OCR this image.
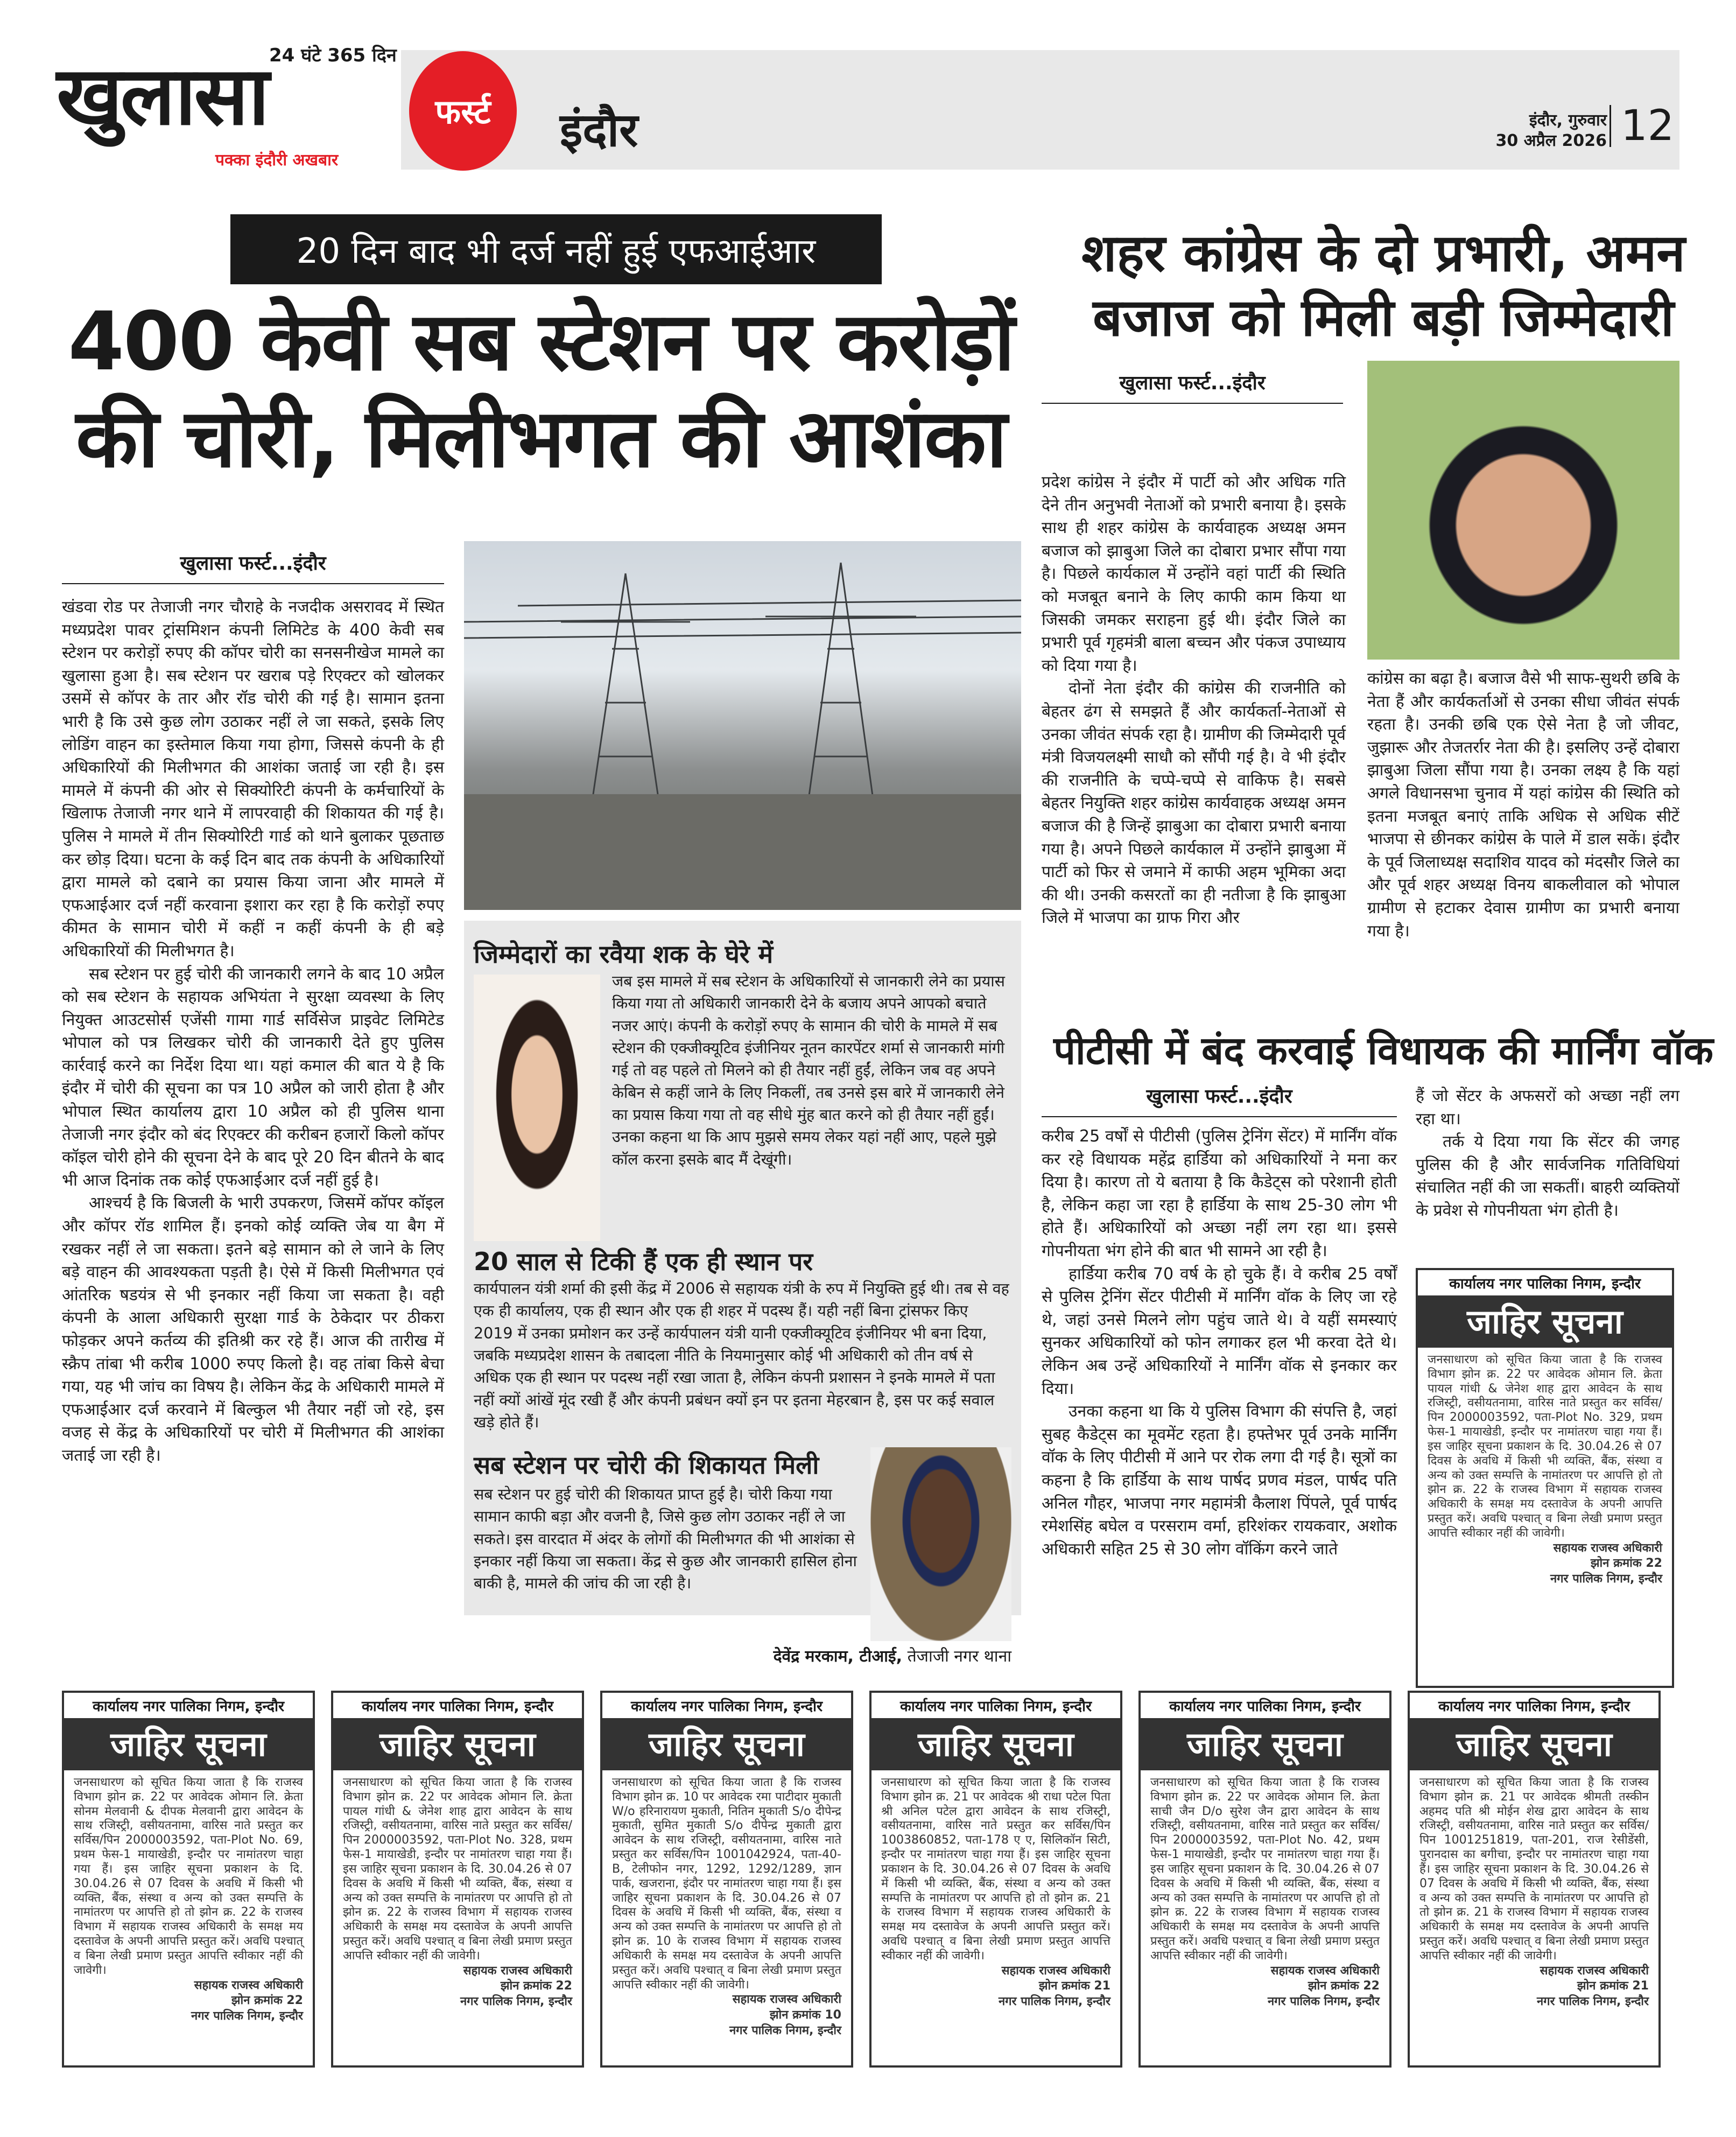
24 घंटे 365 दिन
खुलासा
पक्का इंदौरी अखबार
फर्स्ट इंदौर	इंदौर, गुरुवार
30 अप्रैल 2026 12
20 दिन बाद भी दर्ज नहीं हुई एफआईआर
400 केवी सब स्टेशन पर करोड़ों की चोरी, मिलीभगत की आशंका
खुलासा फर्स्ट...इंदौर

खंडवा रोड पर तेजाजी नगर चौराहे के नजदीक असरावद में स्थित मध्यप्रदेश पावर ट्रांसमिशन कंपनी लिमिटेड के 400 केवी सब स्टेशन पर करोड़ों रुपए की कॉपर चोरी का सनसनीखेज मामले का खुलासा हुआ है। सब स्टेशन पर खराब पड़े रिएक्टर को खोलकर उसमें से कॉपर के तार और रॉड चोरी की गई है। सामान इतना भारी है कि उसे कुछ लोग उठाकर नहीं ले जा सकते, इसके लिए लोडिंग वाहन का इस्तेमाल किया गया होगा, जिससे कंपनी के ही अधिकारियों की मिलीभगत की आशंका जताई जा रही है। इस मामले में कंपनी की ओर से सिक्योरिटी कंपनी के कर्मचारियों के खिलाफ तेजाजी नगर थाने में लापरवाही की शिकायत की गई है। पुलिस ने मामले में तीन सिक्योरिटी गार्ड को थाने बुलाकर पूछताछ कर छोड़ दिया। घटना के कई दिन बाद तक कंपनी के अधिकारियों द्वारा मामले को दबाने का प्रयास किया जाना और मामले में एफआईआर दर्ज नहीं करवाना इशारा कर रहा है कि करोड़ों रुपए कीमत के सामान चोरी में कहीं न कहीं कंपनी के ही बड़े अधिकारियों की मिलीभगत है।

सब स्टेशन पर हुई चोरी की जानकारी लगने के बाद 10 अप्रैल को सब स्टेशन के सहायक अभियंता ने सुरक्षा व्यवस्था के लिए नियुक्त आउटसोर्स एजेंसी गामा गार्ड सर्विसेज प्राइवेट लिमिटेड भोपाल को पत्र लिखकर चोरी की जानकारी देते हुए पुलिस कार्रवाई करने का निर्देश दिया था। यहां कमाल की बात ये है कि इंदौर में चोरी की सूचना का पत्र 10 अप्रैल को जारी होता है और भोपाल स्थित कार्यालय द्वारा 10 अप्रैल को ही पुलिस थाना तेजाजी नगर इंदौर को बंद रिएक्टर की करीबन हजारों किलो कॉपर कॉइल चोरी होने की सूचना देने के बाद पूरे 20 दिन बीतने के बाद भी आज दिनांक तक कोई एफआईआर दर्ज नहीं हुई है।

आश्चर्य है कि बिजली के भारी उपकरण, जिसमें कॉपर कॉइल और कॉपर रॉड शामिल हैं। इनको कोई व्यक्ति जेब या बैग में रखकर नहीं ले जा सकता। इतने बड़े सामान को ले जाने के लिए बड़े वाहन की आवश्यकता पड़ती है। ऐसे में किसी मिलीभगत एवं आंतरिक षडयंत्र से भी इनकार नहीं किया जा सकता है। वही कंपनी के आला अधिकारी सुरक्षा गार्ड के ठेकेदार पर ठीकरा फोड़कर अपने कर्तव्य की इतिश्री कर रहे हैं। आज की तारीख में स्क्रैप तांबा भी करीब 1000 रुपए किलो है। वह तांबा किसे बेचा गया, यह भी जांच का विषय है। लेकिन केंद्र के अधिकारी मामले में एफआईआर दर्ज करवाने में बिल्कुल भी तैयार नहीं जो रहे, इस वजह से केंद्र के अधिकारियों पर चोरी में मिलीभगत की आशंका जताई जा रही है।

जिम्मेदारों का रवैया शक के घेरे में
जब इस मामले में सब स्टेशन के अधिकारियों से जानकारी लेने का प्रयास किया गया तो अधिकारी जानकारी देने के बजाय अपने आपको बचाते नजर आएं। कंपनी के करोड़ों रुपए के सामान की चोरी के मामले में सब स्टेशन की एक्जीक्यूटिव इंजीनियर नूतन कारपेंटर शर्मा से जानकारी मांगी गई तो वह पहले तो मिलने को ही तैयार नहीं हुईं, लेकिन जब वह अपने केबिन से कहीं जाने के लिए निकलीं, तब उनसे इस बारे में जानकारी लेने का प्रयास किया गया तो वह सीधे मुंह बात करने को ही तैयार नहीं हुईं। उनका कहना था कि आप मुझसे समय लेकर यहां नहीं आए, पहले मुझे कॉल करना इसके बाद मैं देखूंगी।
20 साल से टिकी हैं एक ही स्थान पर
कार्यपालन यंत्री शर्मा की इसी केंद्र में 2006 से सहायक यंत्री के रुप में नियुक्ति हुई थी। तब से वह एक ही कार्यालय, एक ही स्थान और एक ही शहर में पदस्थ हैं। यही नहीं बिना ट्रांसफर किए 2019 में उनका प्रमोशन कर उन्हें कार्यपालन यंत्री यानी एक्जीक्यूटिव इंजीनियर भी बना दिया, जबकि मध्यप्रदेश शासन के तबादला नीति के नियमानुसार कोई भी अधिकारी को तीन वर्ष से अधिक एक ही स्थान पर पदस्थ नहीं रखा जाता है, लेकिन कंपनी प्रशासन ने इनके मामले में पता नहीं क्यों आंखें मूंद रखी हैं और कंपनी प्रबंधन क्यों इन पर इतना मेहरबान है, इस पर कई सवाल खड़े होते हैं।
सब स्टेशन पर चोरी की शिकायत मिली
सब स्टेशन पर हुई चोरी की शिकायत प्राप्त हुई है। चोरी किया गया सामान काफी बड़ा और वजनी है, जिसे कुछ लोग उठाकर नहीं ले जा सकते। इस वारदात में अंदर के लोगों की मिलीभगत की भी आशंका से इनकार नहीं किया जा सकता। केंद्र से कुछ और जानकारी हासिल होना बाकी है, मामले की जांच की जा रही है।
देवेंद्र मरकाम, टीआई, तेजाजी नगर थाना
शहर कांग्रेस के दो प्रभारी, अमन बजाज को मिली बड़ी जिम्मेदारी
खुलासा फर्स्ट...इंदौर

प्रदेश कांग्रेस ने इंदौर में पार्टी को और अधिक गति देने तीन अनुभवी नेताओं को प्रभारी बनाया है। इसके साथ ही शहर कांग्रेस के कार्यवाहक अध्यक्ष अमन बजाज को झाबुआ जिले का दोबारा प्रभार सौंपा गया है। पिछले कार्यकाल में उन्होंने वहां पार्टी की स्थिति को मजबूत बनाने के लिए काफी काम किया था जिसकी जमकर सराहना हुई थी। इंदौर जिले का प्रभारी पूर्व गृहमंत्री बाला बच्चन और पंकज उपाध्याय को दिया गया है।

दोनों नेता इंदौर की कांग्रेस की राजनीति को बेहतर ढंग से समझते हैं और कार्यकर्ता-नेताओं से उनका जीवंत संपर्क रहा है। ग्रामीण की जिम्मेदारी पूर्व मंत्री विजयलक्ष्मी साधौ को सौंपी गई है। वे भी इंदौर की राजनीति के चप्पे-चप्पे से वाकिफ है। सबसे बेहतर नियुक्ति शहर कांग्रेस कार्यवाहक अध्यक्ष अमन बजाज की है जिन्हें झाबुआ का दोबारा प्रभारी बनाया गया है। अपने पिछले कार्यकाल में उन्होंने झाबुआ में पार्टी को फिर से जमाने में काफी अहम भूमिका अदा की थी। उनकी कसरतों का ही नतीजा है कि झाबुआ जिले में भाजपा का ग्राफ गिरा और

कांग्रेस का बढ़ा है। बजाज वैसे भी साफ-सुथरी छबि के नेता हैं और कार्यकर्ताओं से उनका सीधा जीवंत संपर्क रहता है। उनकी छबि एक ऐसे नेता है जो जीवट, जुझारू और तेजतर्रार नेता की है। इसलिए उन्हें दोबारा झाबुआ जिला सौंपा गया है। उनका लक्ष्य है कि यहां अगले विधानसभा चुनाव में यहां कांग्रेस की स्थिति को इतना मजबूत बनाएं ताकि अधिक से अधिक सीटें भाजपा से छीनकर कांग्रेस के पाले में डाल सकें। इंदौर के पूर्व जिलाध्यक्ष सदाशिव यादव को मंदसौर जिले का और पूर्व शहर अध्यक्ष विनय बाकलीवाल को भोपाल ग्रामीण से हटाकर देवास ग्रामीण का प्रभारी बनाया गया है।

पीटीसी में बंद करवाई विधायक की मार्निंग वॉक
खुलासा फर्स्ट...इंदौर

करीब 25 वर्षों से पीटीसी (पुलिस ट्रेनिंग सेंटर) में मार्निंग वॉक कर रहे विधायक महेंद्र हार्डिया को अधिकारियों ने मना कर दिया है। कारण तो ये बताया है कि कैडेट्स को परेशानी होती है, लेकिन कहा जा रहा है हार्डिया के साथ 25-30 लोग भी होते हैं। अधिकारियों को अच्छा नहीं लग रहा था। इससे गोपनीयता भंग होने की बात भी सामने आ रही है।

हार्डिया करीब 70 वर्ष के हो चुके हैं। वे करीब 25 वर्षों से पुलिस ट्रेनिंग सेंटर पीटीसी में मार्निंग वॉक के लिए जा रहे थे, जहां उनसे मिलने लोग पहुंच जाते थे। वे यहीं समस्याएं सुनकर अधिकारियों को फोन लगाकर हल भी करवा देते थे। लेकिन अब उन्हें अधिकारियों ने मार्निंग वॉक से इनकार कर दिया।

उनका कहना था कि ये पुलिस विभाग की संपत्ति है, जहां सुबह कैडेट्स का मूवमेंट रहता है। हफ्तेभर पूर्व उनके मार्निंग वॉक के लिए पीटीसी में आने पर रोक लगा दी गई है। सूत्रों का कहना है कि हार्डिया के साथ पार्षद प्रणव मंडल, पार्षद पति अनिल गौहर, भाजपा नगर महामंत्री कैलाश पिंपले, पूर्व पार्षद रमेशसिंह बघेल व परसराम वर्मा, हरिशंकर रायकवार, अशोक अधिकारी सहित 25 से 30 लोग वॉकिंग करने जाते

हैं जो सेंटर के अफसरों को अच्छा नहीं लग रहा था।

तर्क ये दिया गया कि सेंटर की जगह पुलिस की है और सार्वजनिक गतिविधियां संचालित नहीं की जा सकतीं। बाहरी व्यक्तियों के प्रवेश से गोपनीयता भंग होती है।

कार्यालय नगर पालिका निगम, इन्दौर
जाहिर सूचना
जनसाधारण को सूचित किया जाता है कि राजस्व विभाग झोन क्र. 22 पर आवेदक ओमान लि. क्रेता पायल गांधी & जेनेश शाह द्वारा आवेदन के साथ रजिस्ट्री, वसीयतनामा, वारिस नाते प्रस्तुत कर सर्विस/पिन 2000003592, पता-Plot No. 329, प्रथम फेस-1 मायाखेडी, इन्दौर पर नामांतरण चाहा गया हैं। इस जाहिर सूचना प्रकाशन के दि. 30.04.26 से 07 दिवस के अवधि में किसी भी व्यक्ति, बैंक, संस्था व अन्य को उक्त सम्पत्ति के नामांतरण पर आपत्ति हो तो झोन क्र. 22 के राजस्व विभाग में सहायक राजस्व अधिकारी के समक्ष मय दस्तावेज के अपनी आपत्ति प्रस्तुत करें। अवधि पश्चात् व बिना लेखी प्रमाण प्रस्तुत आपत्ति स्वीकार नहीं की जावेगी।
सहायक राजस्व अधिकारी
झोन क्रमांक 22
नगर पालिक निगम, इन्दौर
कार्यालय नगर पालिका निगम, इन्दौर
जाहिर सूचना
जनसाधारण को सूचित किया जाता है कि राजस्व विभाग झोन क्र. 22 पर आवेदक ओमान लि. क्रेता सोनम मेलवानी & दीपक मेलवानी द्वारा आवेदन के साथ रजिस्ट्री, वसीयतनामा, वारिस नाते प्रस्तुत कर सर्विस/पिन 2000003592, पता-Plot No. 69, प्रथम फेस-1 मायाखेडी, इन्दौर पर नामांतरण चाहा गया हैं। इस जाहिर सूचना प्रकाशन के दि. 30.04.26 से 07 दिवस के अवधि में किसी भी व्यक्ति, बैंक, संस्था व अन्य को उक्त सम्पत्ति के नामांतरण पर आपत्ति हो तो झोन क्र. 22 के राजस्व विभाग में सहायक राजस्व अधिकारी के समक्ष मय दस्तावेज के अपनी आपत्ति प्रस्तुत करें। अवधि पश्चात् व बिना लेखी प्रमाण प्रस्तुत आपत्ति स्वीकार नहीं की जावेगी।
सहायक राजस्व अधिकारी
झोन क्रमांक 22
नगर पालिक निगम, इन्दौर
कार्यालय नगर पालिका निगम, इन्दौर
जाहिर सूचना
जनसाधारण को सूचित किया जाता है कि राजस्व विभाग झोन क्र. 22 पर आवेदक ओमान लि. क्रेता पायल गांधी & जेनेश शाह द्वारा आवेदन के साथ रजिस्ट्री, वसीयतनामा, वारिस नाते प्रस्तुत कर सर्विस/पिन 2000003592, पता-Plot No. 328, प्रथम फेस-1 मायाखेडी, इन्दौर पर नामांतरण चाहा गया हैं। इस जाहिर सूचना प्रकाशन के दि. 30.04.26 से 07 दिवस के अवधि में किसी भी व्यक्ति, बैंक, संस्था व अन्य को उक्त सम्पत्ति के नामांतरण पर आपत्ति हो तो झोन क्र. 22 के राजस्व विभाग में सहायक राजस्व अधिकारी के समक्ष मय दस्तावेज के अपनी आपत्ति प्रस्तुत करें। अवधि पश्चात् व बिना लेखी प्रमाण प्रस्तुत आपत्ति स्वीकार नहीं की जावेगी।
सहायक राजस्व अधिकारी
झोन क्रमांक 22
नगर पालिक निगम, इन्दौर
कार्यालय नगर पालिका निगम, इन्दौर
जाहिर सूचना
जनसाधारण को सूचित किया जाता है कि राजस्व विभाग झोन क्र. 10 पर आवेदक रमा पाटीदार मुकाती W/o हरिनारायण मुकाती, नितिन मुकाती S/o दीपेन्द्र मुकाती, सुमित मुकाती S/o दीपेन्द्र मुकाती द्वारा आवेदन के साथ रजिस्ट्री, वसीयतनामा, वारिस नाते प्रस्तुत कर सर्विस/पिन 1001042924, पता-40-B, टेलीफोन नगर, 1292, 1292/1289, ज्ञान पार्क, खजराना, इंदौर पर नामांतरण चाहा गया हैं। इस जाहिर सूचना प्रकाशन के दि. 30.04.26 से 07 दिवस के अवधि में किसी भी व्यक्ति, बैंक, संस्था व अन्य को उक्त सम्पत्ति के नामांतरण पर आपत्ति हो तो झोन क्र. 10 के राजस्व विभाग में सहायक राजस्व अधिकारी के समक्ष मय दस्तावेज के अपनी आपत्ति प्रस्तुत करें। अवधि पश्चात् व बिना लेखी प्रमाण प्रस्तुत आपत्ति स्वीकार नहीं की जावेगी।
सहायक राजस्व अधिकारी
झोन क्रमांक 10
नगर पालिक निगम, इन्दौर
कार्यालय नगर पालिका निगम, इन्दौर
जाहिर सूचना
जनसाधारण को सूचित किया जाता है कि राजस्व विभाग झोन क्र. 21 पर आवेदक श्री राधा पटेल पिता श्री अनिल पटेल द्वारा आवेदन के साथ रजिस्ट्री, वसीयतनामा, वारिस नाते प्रस्तुत कर सर्विस/पिन 1003860852, पता-178 ए ए, सिलिकॉन सिटी, इन्दौर पर नामांतरण चाहा गया हैं। इस जाहिर सूचना प्रकाशन के दि. 30.04.26 से 07 दिवस के अवधि में किसी भी व्यक्ति, बैंक, संस्था व अन्य को उक्त सम्पत्ति के नामांतरण पर आपत्ति हो तो झोन क्र. 21 के राजस्व विभाग में सहायक राजस्व अधिकारी के समक्ष मय दस्तावेज के अपनी आपत्ति प्रस्तुत करें। अवधि पश्चात् व बिना लेखी प्रमाण प्रस्तुत आपत्ति स्वीकार नहीं की जावेगी।
सहायक राजस्व अधिकारी
झोन क्रमांक 21
नगर पालिक निगम, इन्दौर
कार्यालय नगर पालिका निगम, इन्दौर
जाहिर सूचना
जनसाधारण को सूचित किया जाता है कि राजस्व विभाग झोन क्र. 22 पर आवेदक ओमान लि. क्रेता साची जैन D/o सुरेश जैन द्वारा आवेदन के साथ रजिस्ट्री, वसीयतनामा, वारिस नाते प्रस्तुत कर सर्विस/पिन 2000003592, पता-Plot No. 42, प्रथम फेस-1 मायाखेडी, इन्दौर पर नामांतरण चाहा गया हैं। इस जाहिर सूचना प्रकाशन के दि. 30.04.26 से 07 दिवस के अवधि में किसी भी व्यक्ति, बैंक, संस्था व अन्य को उक्त सम्पत्ति के नामांतरण पर आपत्ति हो तो झोन क्र. 22 के राजस्व विभाग में सहायक राजस्व अधिकारी के समक्ष मय दस्तावेज के अपनी आपत्ति प्रस्तुत करें। अवधि पश्चात् व बिना लेखी प्रमाण प्रस्तुत आपत्ति स्वीकार नहीं की जावेगी।
सहायक राजस्व अधिकारी
झोन क्रमांक 22
नगर पालिक निगम, इन्दौर
कार्यालय नगर पालिका निगम, इन्दौर
जाहिर सूचना
जनसाधारण को सूचित किया जाता है कि राजस्व विभाग झोन क्र. 21 पर आवेदक श्रीमती तस्कीन अहमद पति श्री मोईन शेख द्वारा आवेदन के साथ रजिस्ट्री, वसीयतनामा, वारिस नाते प्रस्तुत कर सर्विस/पिन 1001251819, पता-201, राज रेसीडेंसी, पुरानदास का बगीचा, इन्दौर पर नामांतरण चाहा गया हैं। इस जाहिर सूचना प्रकाशन के दि. 30.04.26 से 07 दिवस के अवधि में किसी भी व्यक्ति, बैंक, संस्था व अन्य को उक्त सम्पत्ति के नामांतरण पर आपत्ति हो तो झोन क्र. 21 के राजस्व विभाग में सहायक राजस्व अधिकारी के समक्ष मय दस्तावेज के अपनी आपत्ति प्रस्तुत करें। अवधि पश्चात् व बिना लेखी प्रमाण प्रस्तुत आपत्ति स्वीकार नहीं की जावेगी।
सहायक राजस्व अधिकारी
झोन क्रमांक 21
नगर पालिक निगम, इन्दौर
